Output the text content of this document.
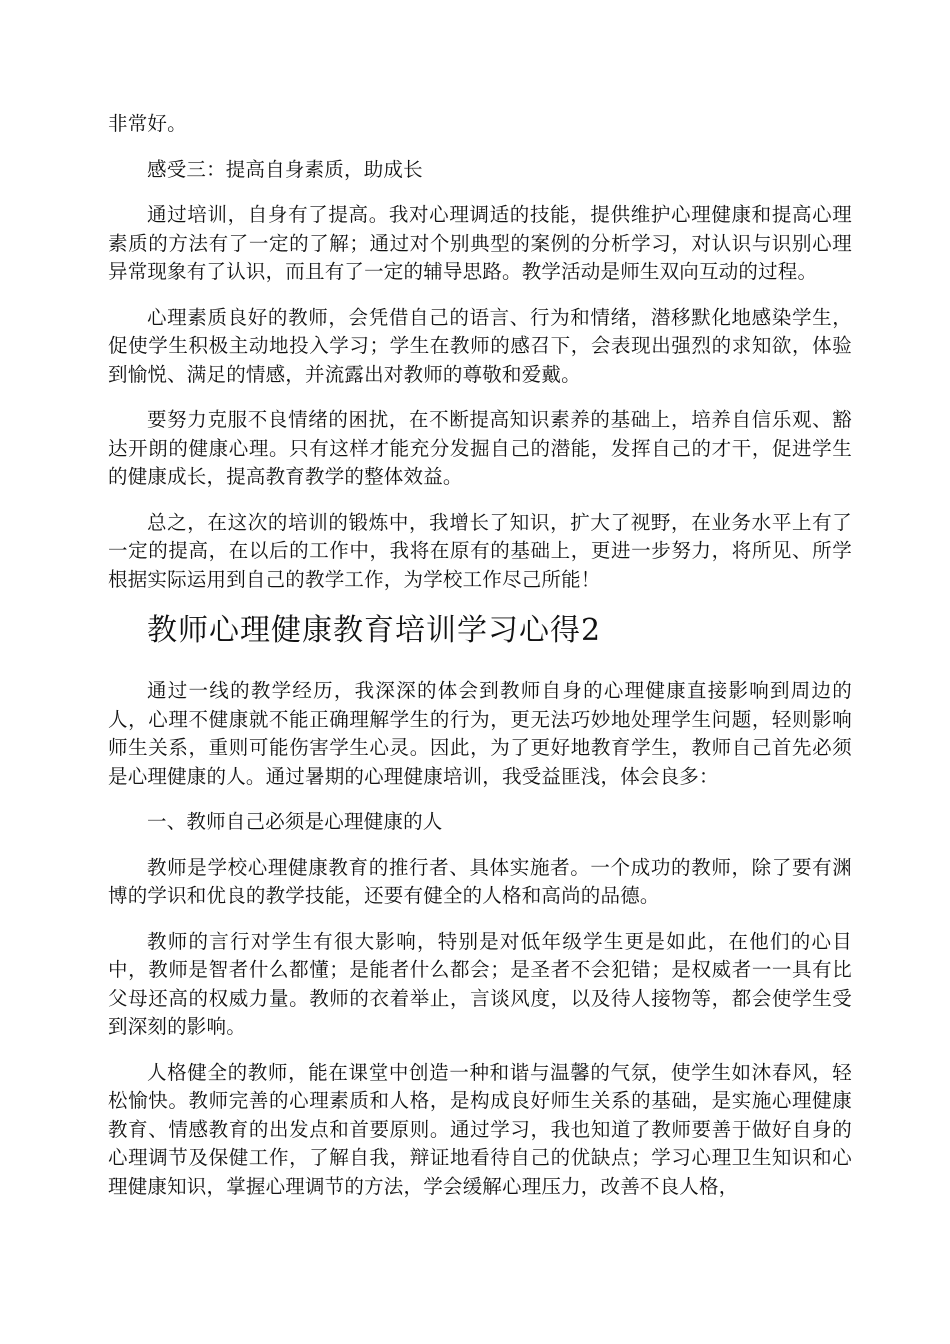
非常好。

感受三：提高自身素质，助成长

通过培训，自身有了提高。我对心理调适的技能，提供维护心理健康和提高心理素质的方法有了一定的了解；通过对个别典型的案例的分析学习，对认识与识别心理异常现象有了认识，而且有了一定的辅导思路。教学活动是师生双向互动的过程。

心理素质良好的教师，会凭借自己的语言、行为和情绪，潜移默化地感染学生，促使学生积极主动地投入学习；学生在教师的感召下，会表现出强烈的求知欲，体验到愉悦、满足的情感，并流露出对教师的尊敬和爱戴。

要努力克服不良情绪的困扰，在不断提高知识素养的基础上，培养自信乐观、豁达开朗的健康心理。只有这样才能充分发掘自己的潜能，发挥自己的才干，促进学生的健康成长，提高教育教学的整体效益。

总之，在这次的培训的锻炼中，我增长了知识，扩大了视野，在业务水平上有了一定的提高，在以后的工作中，我将在原有的基础上，更进一步努力，将所见、所学根据实际运用到自己的教学工作，为学校工作尽己所能！

教师心理健康教育培训学习心得2

通过一线的教学经历，我深深的体会到教师自身的心理健康直接影响到周边的人，心理不健康就不能正确理解学生的行为，更无法巧妙地处理学生问题，轻则影响师生关系，重则可能伤害学生心灵。因此，为了更好地教育学生，教师自己首先必须是心理健康的人。通过暑期的心理健康培训，我受益匪浅，体会良多：

一、教师自己必须是心理健康的人

教师是学校心理健康教育的推行者、具体实施者。一个成功的教师，除了要有渊博的学识和优良的教学技能，还要有健全的人格和高尚的品德。

教师的言行对学生有很大影响，特别是对低年级学生更是如此，在他们的心目中，教师是智者什么都懂；是能者什么都会；是圣者不会犯错；是权威者一一具有比父母还高的权威力量。教师的衣着举止，言谈风度，以及待人接物等，都会使学生受到深刻的影响。

人格健全的教师，能在课堂中创造一种和谐与温馨的气氛，使学生如沐春风，轻松愉快。教师完善的心理素质和人格，是构成良好师生关系的基础，是实施心理健康教育、情感教育的出发点和首要原则。通过学习，我也知道了教师要善于做好自身的心理调节及保健工作，了解自我，辩证地看待自己的优缺点；学习心理卫生知识和心理健康知识，掌握心理调节的方法，学会缓解心理压力，改善不良人格，
